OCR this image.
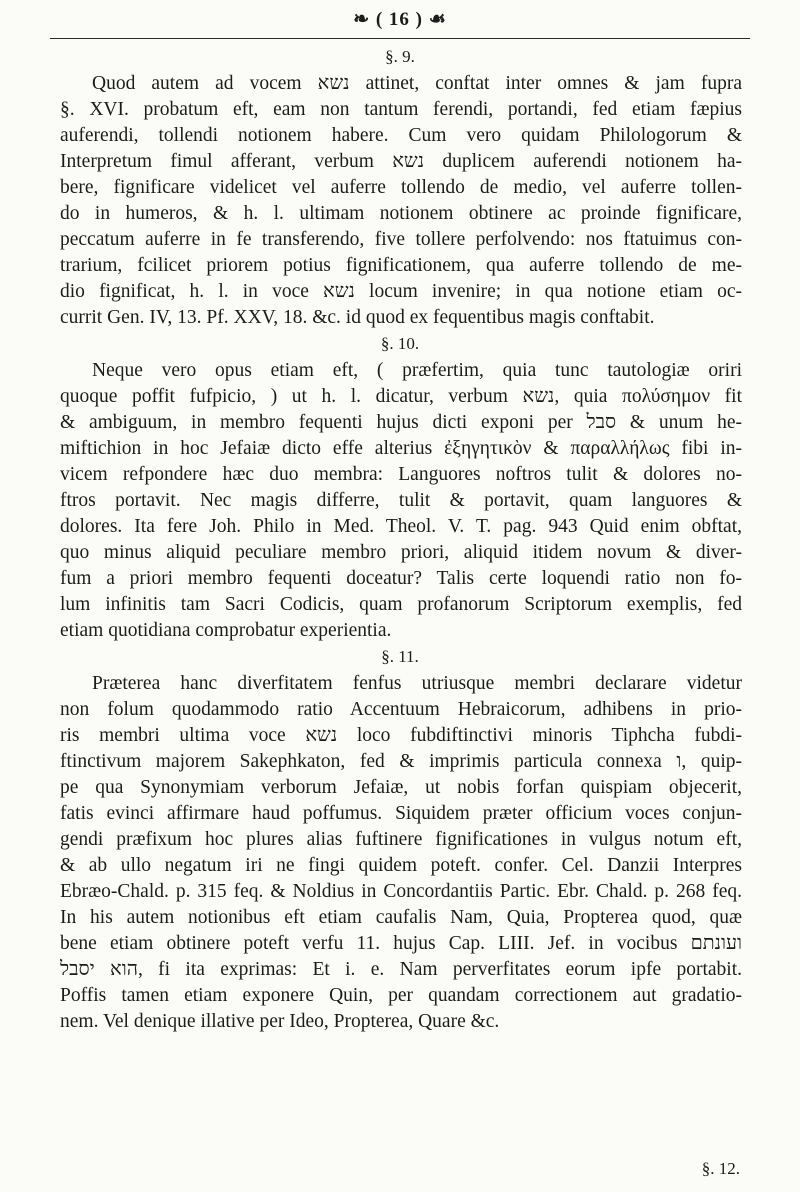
❧ ( 16 ) ☙
§. 9.
Quod autem ad vocem נשא attinet, conftat inter omnes & jam fupra
§. XVI. probatum eft, eam non tantum ferendi, portandi, fed etiam fæpius
auferendi, tollendi notionem habere. Cum vero quidam Philologorum &
Interpretum fimul afferant, verbum נשא duplicem auferendi notionem ha-
bere, fignificare videlicet vel auferre tollendo de medio, vel auferre tollen-
do in humeros, & h. l. ultimam notionem obtinere ac proinde fignificare,
peccatum auferre in fe transferendo, five tollere perfolvendo: nos ftatuimus con-
trarium, fcilicet priorem potius fignificationem, qua auferre tollendo de me-
dio fignificat, h. l. in voce נשא locum invenire; in qua notione etiam oc-
currit Gen. IV, 13. Pf. XXV, 18. &c. id quod ex fequentibus magis conftabit.
§. 10.
Neque vero opus etiam eft, ( præfertim, quia tunc tautologiæ oriri
quoque poffit fufpicio, ) ut h. l. dicatur, verbum נשא, quia πολύσημον fit
& ambiguum, in membro fequenti hujus dicti exponi per סבל & unum he-
miftichion in hoc Jefaiæ dicto effe alterius ἐξηγητικὸν & παραλλήλως fibi in-
vicem refpondere hæc duo membra: Languores noftros tulit & dolores no-
ftros portavit. Nec magis differre, tulit & portavit, quam languores &
dolores. Ita fere Joh. Philo in Med. Theol. V. T. pag. 943 Quid enim obftat,
quo minus aliquid peculiare membro priori, aliquid itidem novum & diver-
fum a priori membro fequenti doceatur? Talis certe loquendi ratio non fo-
lum infinitis tam Sacri Codicis, quam profanorum Scriptorum exemplis, fed
etiam quotidiana comprobatur experientia.
§. 11.
Præterea hanc diverfitatem fenfus utriusque membri declarare videtur
non folum quodammodo ratio Accentuum Hebraicorum, adhibens in prio-
ris membri ultima voce נשא loco fubdiftinctivi minoris Tiphcha fubdi-
ftinctivum majorem Sakephkaton, fed & imprimis particula connexa ו, quip-
pe qua Synonymiam verborum Jefaiæ, ut nobis forfan quispiam objecerit,
fatis evinci affirmare haud poffumus. Siquidem præter officium voces conjun-
gendi præfixum hoc plures alias fuftinere fignificationes in vulgus notum eft,
& ab ullo negatum iri ne fingi quidem poteft. confer. Cel. Danzii Interpres
Ebræo-Chald. p. 315 feq. & Noldius in Concordantiis Partic. Ebr. Chald. p. 268 feq.
In his autem notionibus eft etiam caufalis Nam, Quia, Propterea quod, quæ
bene etiam obtinere poteft verfu 11. hujus Cap. LIII. Jef. in vocibus ועונתם
הוא יסבל, fi ita exprimas: Et i. e. Nam perverfitates eorum ipfe portabit.
Poffis tamen etiam exponere Quin, per quandam correctionem aut gradatio-
nem. Vel denique illative per Ideo, Propterea, Quare &c.
§. 12.
